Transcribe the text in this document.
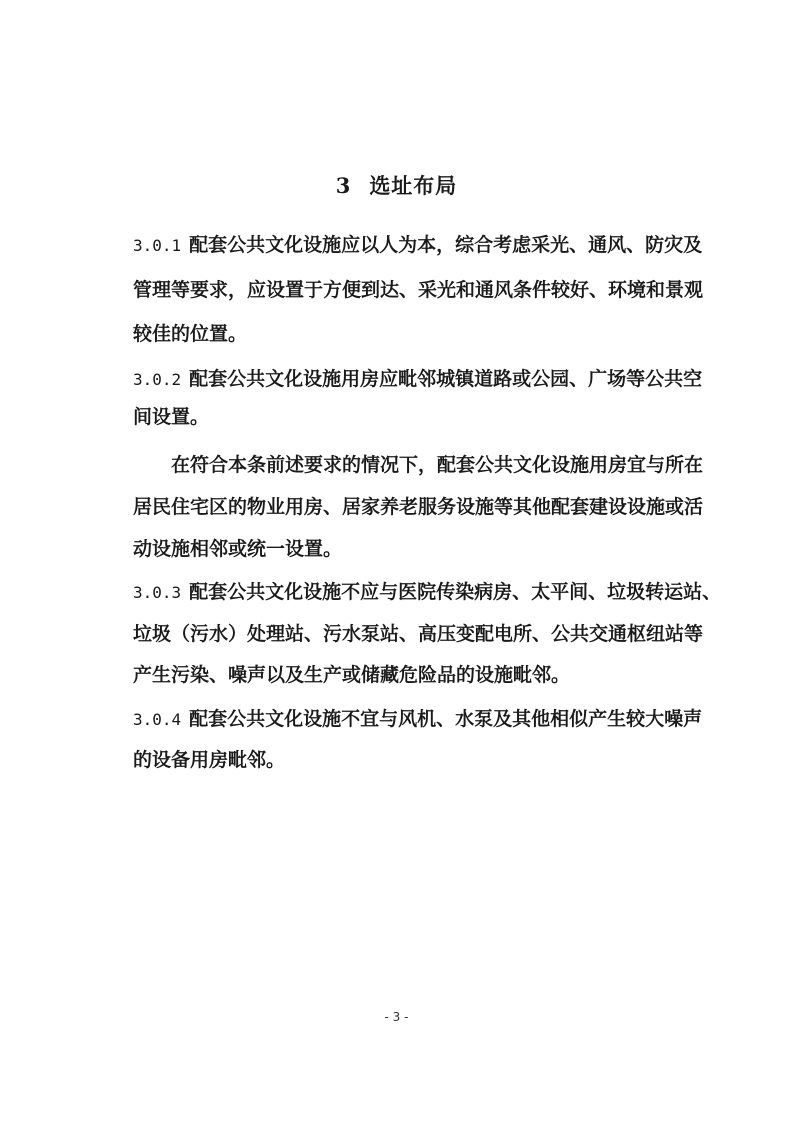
3 选址布局
3.0.1 配套公共文化设施应以人为本，综合考虑采光、通风、防灾及
管理等要求，应设置于方便到达、采光和通风条件较好、环境和景观
较佳的位置。
3.0.2 配套公共文化设施用房应毗邻城镇道路或公园、广场等公共空
间设置。
在符合本条前述要求的情况下，配套公共文化设施用房宜与所在
居民住宅区的物业用房、居家养老服务设施等其他配套建设设施或活
动设施相邻或统一设置。
3.0.3 配套公共文化设施不应与医院传染病房、太平间、垃圾转运站、
垃圾（污水）处理站、污水泵站、高压变配电所、公共交通枢纽站等
产生污染、噪声以及生产或储藏危险品的设施毗邻。
3.0.4 配套公共文化设施不宜与风机、水泵及其他相似产生较大噪声
的设备用房毗邻。
- 3 -
